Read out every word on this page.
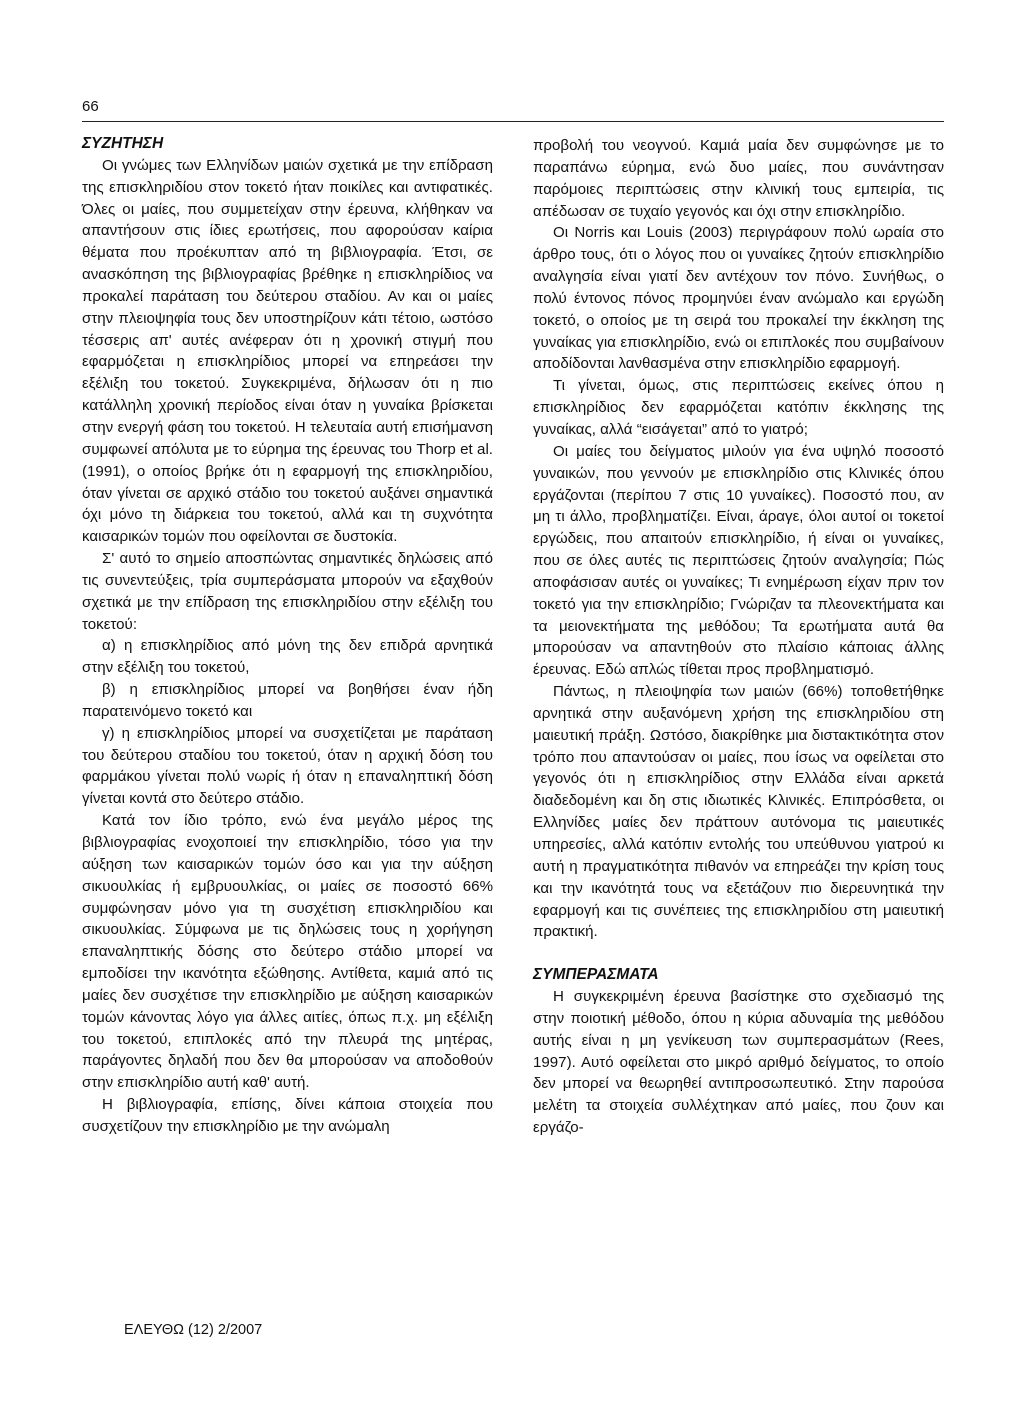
66
ΣΥΖΗΤΗΣΗ

Οι γνώμες των Ελληνίδων μαιών σχετικά με την επίδραση της επισκληριδίου στον τοκετό ήταν ποικίλες και αντιφατικές. Όλες οι μαίες, που συμμετείχαν στην έρευνα, κλήθηκαν να απαντήσουν στις ίδιες ερωτήσεις, που αφορούσαν καίρια θέματα που προέκυπταν από τη βιβλιογραφία. Έτσι, σε ανασκόπηση της βιβλιογραφίας βρέθηκε η επισκληρίδιος να προκαλεί παράταση του δεύτερου σταδίου. Αν και οι μαίες στην πλειοψηφία τους δεν υποστηρίζουν κάτι τέτοιο, ωστόσο τέσσερις απ' αυτές ανέφεραν ότι η χρονική στιγμή που εφαρμόζεται η επισκληρίδιος μπορεί να επηρεάσει την εξέλιξη του τοκετού. Συγκεκριμένα, δήλωσαν ότι η πιο κατάλληλη χρονική περίοδος είναι όταν η γυναίκα βρίσκεται στην ενεργή φάση του τοκετού. Η τελευταία αυτή επισήμανση συμφωνεί απόλυτα με το εύρημα της έρευνας του Thorp et al. (1991), ο οποίος βρήκε ότι η εφαρμογή της επισκληριδίου, όταν γίνεται σε αρχικό στάδιο του τοκετού αυξάνει σημαντικά όχι μόνο τη διάρκεια του τοκετού, αλλά και τη συχνότητα καισαρικών τομών που οφείλονται σε δυστοκία.

Σ' αυτό το σημείο αποσπώντας σημαντικές δηλώσεις από τις συνεντεύξεις, τρία συμπεράσματα μπορούν να εξαχθούν σχετικά με την επίδραση της επισκληριδίου στην εξέλιξη του τοκετού:

α) η επισκληρίδιος από μόνη της δεν επιδρά αρνητικά στην εξέλιξη του τοκετού,

β) η επισκληρίδιος μπορεί να βοηθήσει έναν ήδη παρατεινόμενο τοκετό και

γ) η επισκληρίδιος μπορεί να συσχετίζεται με παράταση του δεύτερου σταδίου του τοκετού, όταν η αρχική δόση του φαρμάκου γίνεται πολύ νωρίς ή όταν η επαναληπτική δόση γίνεται κοντά στο δεύτερο στάδιο.

Κατά τον ίδιο τρόπο, ενώ ένα μεγάλο μέρος της βιβλιογραφίας ενοχοποιεί την επισκληρίδιο, τόσο για την αύξηση των καισαρικών τομών όσο και για την αύξηση σικυουλκίας ή εμβρυουλκίας, οι μαίες σε ποσοστό 66% συμφώνησαν μόνο για τη συσχέτιση επισκληριδίου και σικυουλκίας. Σύμφωνα με τις δηλώσεις τους η χορήγηση επαναληπτικής δόσης στο δεύτερο στάδιο μπορεί να εμποδίσει την ικανότητα εξώθησης. Αντίθετα, καμιά από τις μαίες δεν συσχέτισε την επισκληρίδιο με αύξηση καισαρικών τομών κάνοντας λόγο για άλλες αιτίες, όπως π.χ. μη εξέλιξη του τοκετού, επιπλοκές από την πλευρά της μητέρας, παράγοντες δηλαδή που δεν θα μπορούσαν να αποδοθούν στην επισκληρίδιο αυτή καθ' αυτή.

Η βιβλιογραφία, επίσης, δίνει κάποια στοιχεία που συσχετίζουν την επισκληρίδιο με την ανώμαλη

προβολή του νεογνού. Καμιά μαία δεν συμφώνησε με το παραπάνω εύρημα, ενώ δυο μαίες, που συνάντησαν παρόμοιες περιπτώσεις στην κλινική τους εμπειρία, τις απέδωσαν σε τυχαίο γεγονός και όχι στην επισκληρίδιο.

Οι Norris και Louis (2003) περιγράφουν πολύ ωραία στο άρθρο τους, ότι ο λόγος που οι γυναίκες ζητούν επισκληρίδιο αναλγησία είναι γιατί δεν αντέχουν τον πόνο. Συνήθως, ο πολύ έντονος πόνος προμηνύει έναν ανώμαλο και εργώδη τοκετό, ο οποίος με τη σειρά του προκαλεί την έκκληση της γυναίκας για επισκληρίδιο, ενώ οι επιπλοκές που συμβαίνουν αποδίδονται λανθασμένα στην επισκληρίδιο εφαρμογή.

Τι γίνεται, όμως, στις περιπτώσεις εκείνες όπου η επισκληρίδιος δεν εφαρμόζεται κατόπιν έκκλησης της γυναίκας, αλλά “εισάγεται” από το γιατρό;

Οι μαίες του δείγματος μιλούν για ένα υψηλό ποσοστό γυναικών, που γεννούν με επισκληρίδιο στις Κλινικές όπου εργάζονται (περίπου 7 στις 10 γυναίκες). Ποσοστό που, αν μη τι άλλο, προβληματίζει. Είναι, άραγε, όλοι αυτοί οι τοκετοί εργώδεις, που απαιτούν επισκληρίδιο, ή είναι οι γυναίκες, που σε όλες αυτές τις περιπτώσεις ζητούν αναλγησία; Πώς αποφάσισαν αυτές οι γυναίκες; Τι ενημέρωση είχαν πριν τον τοκετό για την επισκληρίδιο; Γνώριζαν τα πλεονεκτήματα και τα μειονεκτήματα της μεθόδου; Τα ερωτήματα αυτά θα μπορούσαν να απαντηθούν στο πλαίσιο κάποιας άλλης έρευνας. Εδώ απλώς τίθεται προς προβληματισμό.

Πάντως, η πλειοψηφία των μαιών (66%) τοποθετήθηκε αρνητικά στην αυξανόμενη χρήση της επισκληριδίου στη μαιευτική πράξη. Ωστόσο, διακρίθηκε μια διστακτικότητα στον τρόπο που απαντούσαν οι μαίες, που ίσως να οφείλεται στο γεγονός ότι η επισκληρίδιος στην Ελλάδα είναι αρκετά διαδεδομένη και δη στις ιδιωτικές Κλινικές. Επιπρόσθετα, οι Ελληνίδες μαίες δεν πράττουν αυτόνομα τις μαιευτικές υπηρεσίες, αλλά κατόπιν εντολής του υπεύθυνου γιατρού κι αυτή η πραγματικότητα πιθανόν να επηρεάζει την κρίση τους και την ικανότητά τους να εξετάζουν πιο διερευνητικά την εφαρμογή και τις συνέπειες της επισκληριδίου στη μαιευτική πρακτική.

ΣΥΜΠΕΡΑΣΜΑΤΑ

Η συγκεκριμένη έρευνα βασίστηκε στο σχεδιασμό της στην ποιοτική μέθοδο, όπου η κύρια αδυναμία της μεθόδου αυτής είναι η μη γενίκευση των συμπερασμάτων (Rees, 1997). Αυτό οφείλεται στο μικρό αριθμό δείγματος, το οποίο δεν μπορεί να θεωρηθεί αντιπροσωπευτικό. Στην παρούσα μελέτη τα στοιχεία συλλέχτηκαν από μαίες, που ζουν και εργάζο-

ΕΛΕΥΘΩ (12) 2/2007
